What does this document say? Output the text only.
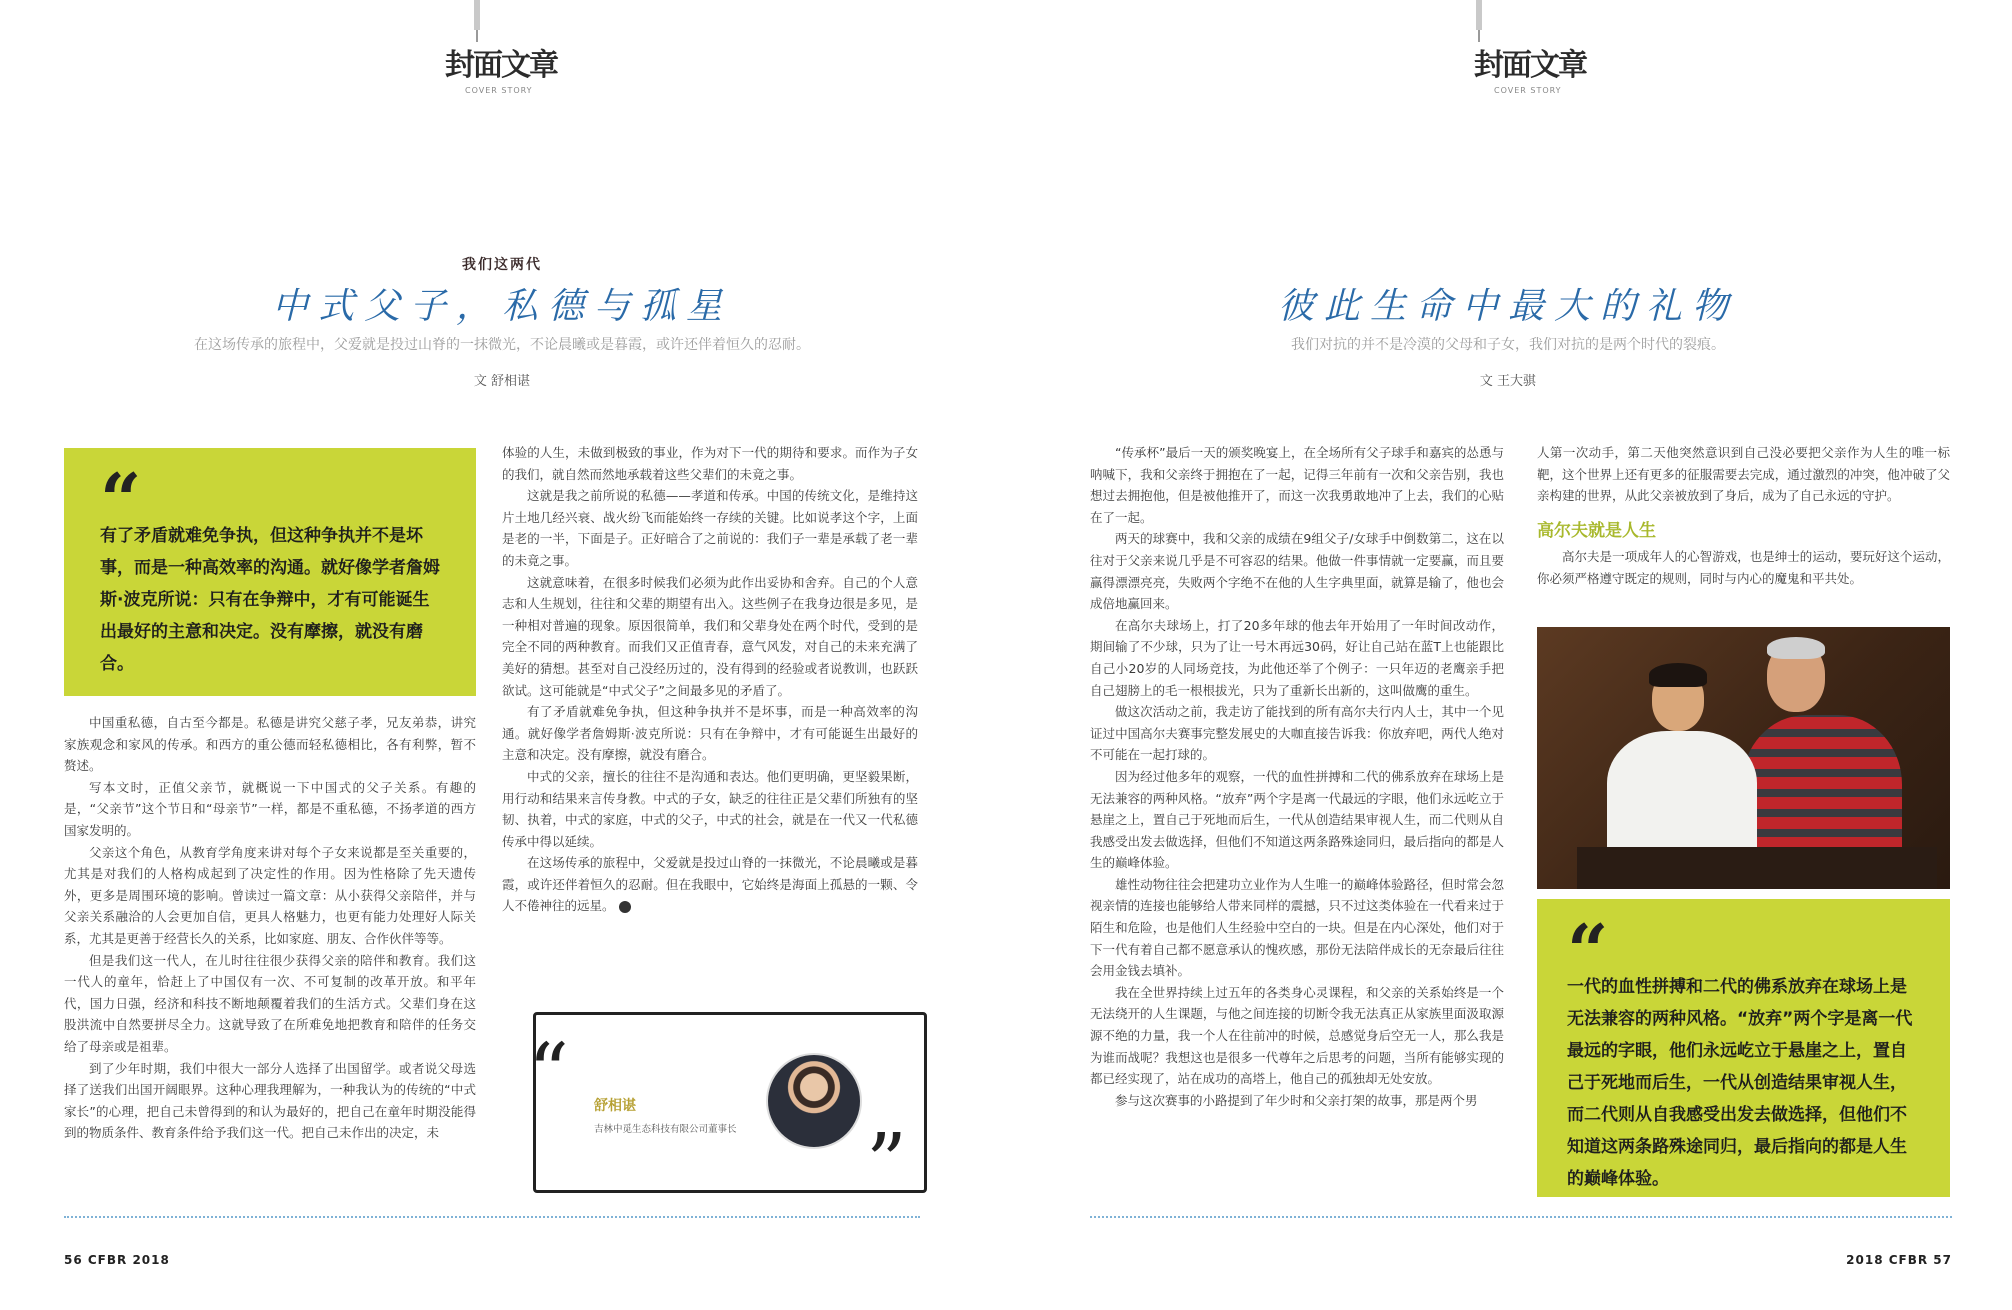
封面文章
COVER STORY
我们这两代
中式父子，私德与孤星
在这场传承的旅程中，父爱就是投过山脊的一抹微光，不论晨曦或是暮霞，或许还伴着恒久的忍耐。
文 舒相谌
“
有了矛盾就难免争执，但这种争执并不是坏事，而是一种高效率的沟通。就好像学者詹姆斯·波克所说：只有在争辩中，才有可能诞生出最好的主意和决定。没有摩擦，就没有磨合。

中国重私德，自古至今都是。私德是讲究父慈子孝，兄友弟恭，讲究家族观念和家风的传承。和西方的重公德而轻私德相比，各有利弊，暂不赘述。

写本文时，正值父亲节，就概说一下中国式的父子关系。有趣的是，“父亲节”这个节日和“母亲节”一样，都是不重私德，不扬孝道的西方国家发明的。

父亲这个角色，从教育学角度来讲对每个子女来说都是至关重要的，尤其是对我们的人格构成起到了决定性的作用。因为性格除了先天遗传外，更多是周围环境的影响。曾读过一篇文章：从小获得父亲陪伴，并与父亲关系融洽的人会更加自信，更具人格魅力，也更有能力处理好人际关系，尤其是更善于经营长久的关系，比如家庭、朋友、合作伙伴等等。

但是我们这一代人，在儿时往往很少获得父亲的陪伴和教育。我们这一代人的童年，恰赶上了中国仅有一次、不可复制的改革开放。和平年代，国力日强，经济和科技不断地颠覆着我们的生活方式。父辈们身在这股洪流中自然要拼尽全力。这就导致了在所难免地把教育和陪伴的任务交给了母亲或是祖辈。

到了少年时期，我们中很大一部分人选择了出国留学。或者说父母选择了送我们出国开阔眼界。这种心理我理解为，一种我认为的传统的“中式家长”的心理，把自己未曾得到的和认为最好的，把自己在童年时期没能得到的物质条件、教育条件给予我们这一代。把自己未作出的决定，未

体验的人生，未做到极致的事业，作为对下一代的期待和要求。而作为子女的我们，就自然而然地承载着这些父辈们的未竟之事。

这就是我之前所说的私德——孝道和传承。中国的传统文化，是维持这片土地几经兴衰、战火纷飞而能始终一存续的关键。比如说孝这个字，上面是老的一半，下面是子。正好暗合了之前说的：我们子一辈是承载了老一辈的未竟之事。

这就意味着，在很多时候我们必须为此作出妥协和舍弃。自己的个人意志和人生规划，往往和父辈的期望有出入。这些例子在我身边很是多见，是一种相对普遍的现象。原因很简单，我们和父辈身处在两个时代，受到的是完全不同的两种教育。而我们又正值青春，意气风发，对自己的未来充满了美好的猜想。甚至对自己没经历过的，没有得到的经验或者说教训，也跃跃欲试。这可能就是“中式父子”之间最多见的矛盾了。

有了矛盾就难免争执，但这种争执并不是坏事，而是一种高效率的沟通。就好像学者詹姆斯·波克所说：只有在争辩中，才有可能诞生出最好的主意和决定。没有摩擦，就没有磨合。

中式的父亲，擅长的往往不是沟通和表达。他们更明确，更坚毅果断，用行动和结果来言传身教。中式的子女，缺乏的往往正是父辈们所独有的坚韧、执着，中式的家庭，中式的父子，中式的社会，就是在一代又一代私德传承中得以延续。

在这场传承的旅程中，父爱就是投过山脊的一抹微光，不论晨曦或是暮霞，或许还伴着恒久的忍耐。但在我眼中，它始终是海面上孤悬的一颗、令人不倦神往的远星。	商

“
”
舒相谌
吉林中觅生态科技有限公司董事长
56 CFBR 2018
封面文章
COVER STORY
彼此生命中最大的礼物
我们对抗的并不是冷漠的父母和子女，我们对抗的是两个时代的裂痕。
文 王大骐

“传承杯”最后一天的颁奖晚宴上，在全场所有父子球手和嘉宾的怂恿与呐喊下，我和父亲终于拥抱在了一起，记得三年前有一次和父亲告别，我也想过去拥抱他，但是被他推开了，而这一次我勇敢地冲了上去，我们的心贴在了一起。

两天的球赛中，我和父亲的成绩在9组父子/女球手中倒数第二，这在以往对于父亲来说几乎是不可容忍的结果。他做一件事情就一定要赢，而且要赢得漂漂亮亮，失败两个字绝不在他的人生字典里面，就算是输了，他也会成倍地赢回来。

在高尔夫球场上，打了20多年球的他去年开始用了一年时间改动作，期间输了不少球，只为了让一号木再远30码，好让自己站在蓝T上也能跟比自己小20岁的人同场竞技，为此他还举了个例子：一只年迈的老鹰亲手把自己翅膀上的毛一根根拔光，只为了重新长出新的，这叫做鹰的重生。

做这次活动之前，我走访了能找到的所有高尔夫行内人士，其中一个见证过中国高尔夫赛事完整发展史的大咖直接告诉我：你放弃吧，两代人绝对不可能在一起打球的。

因为经过他多年的观察，一代的血性拼搏和二代的佛系放弃在球场上是无法兼容的两种风格。“放弃”两个字是离一代最远的字眼，他们永远屹立于悬崖之上，置自己于死地而后生，一代从创造结果审视人生，而二代则从自我感受出发去做选择，但他们不知道这两条路殊途同归，最后指向的都是人生的巅峰体验。

雄性动物往往会把建功立业作为人生唯一的巅峰体验路径，但时常会忽视亲情的连接也能够给人带来同样的震撼，只不过这类体验在一代看来过于陌生和危险，也是他们人生经验中空白的一块。但是在内心深处，他们对于下一代有着自己都不愿意承认的愧疚感，那份无法陪伴成长的无奈最后往往会用金钱去填补。

我在全世界持续上过五年的各类身心灵课程，和父亲的关系始终是一个无法绕开的人生课题，与他之间连接的切断令我无法真正从家族里面汲取源源不绝的力量，我一个人在往前冲的时候，总感觉身后空无一人，那么我是为谁而战呢？我想这也是很多一代尊年之后思考的问题，当所有能够实现的都已经实现了，站在成功的高塔上，他自己的孤独却无处安放。

参与这次赛事的小路提到了年少时和父亲打架的故事，那是两个男

人第一次动手，第二天他突然意识到自己没必要把父亲作为人生的唯一标靶，这个世界上还有更多的征服需要去完成，通过激烈的冲突，他冲破了父亲构建的世界，从此父亲被放到了身后，成为了自己永远的守护。

高尔夫就是人生

高尔夫是一项成年人的心智游戏，也是绅士的运动，要玩好这个运动，你必须严格遵守既定的规则，同时与内心的魔鬼和平共处。

“
一代的血性拼搏和二代的佛系放弃在球场上是无法兼容的两种风格。“放弃”两个字是离一代最远的字眼，他们永远屹立于悬崖之上，置自己于死地而后生，一代从创造结果审视人生，而二代则从自我感受出发去做选择，但他们不知道这两条路殊途同归，最后指向的都是人生的巅峰体验。
2018 CFBR 57
